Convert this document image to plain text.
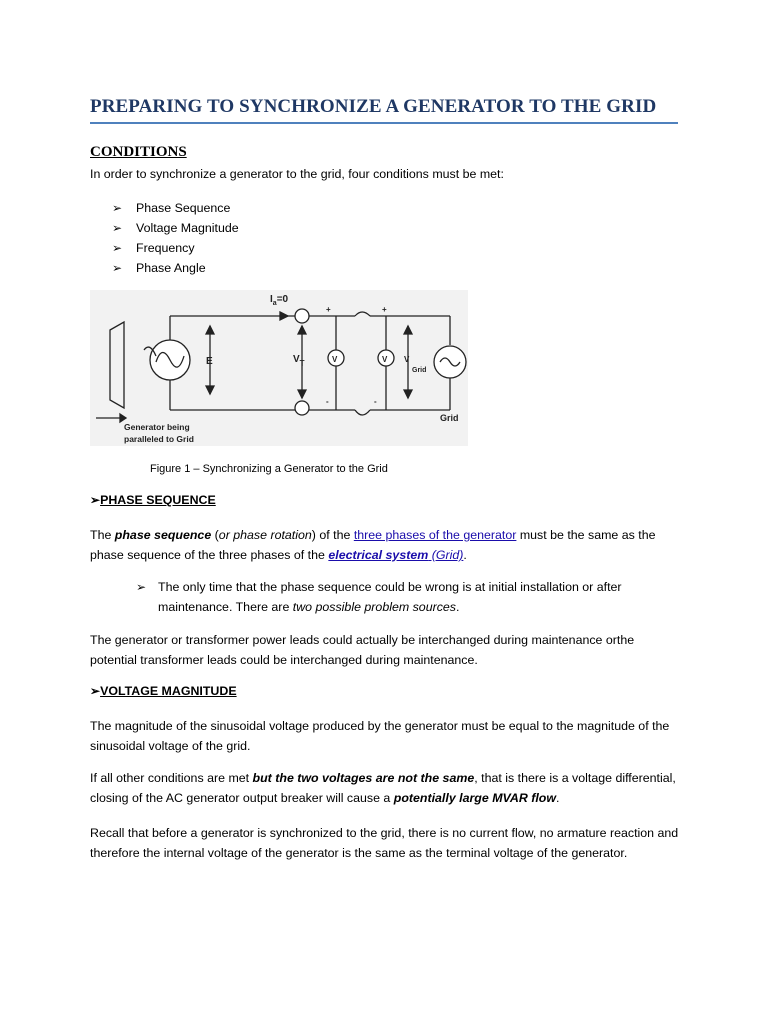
PREPARING TO SYNCHRONIZE A GENERATOR TO THE GRID
CONDITIONS
In order to synchronize a generator to the grid, four conditions must be met:
➢	Phase Sequence
➢	Voltage Magnitude
➢	Frequency
➢	Phase Angle
$I_a=0$
E	$V_T$	V	V VGrid
+	+
-	-
Grid
Generator being
paralleled to Grid
Figure 1 – Synchronizing a Generator to the Grid
➢PHASE SEQUENCE
The phase sequence (or phase rotation) of the three phases of the generator must be the same as the phase sequence of the three phases of the electrical system (Grid).
➢ The only time that the phase sequence could be wrong is at initial installation or after maintenance. There are two possible problem sources.
The generator or transformer power leads could actually be interchanged during maintenance orthe potential transformer leads could be interchanged during maintenance.
➢VOLTAGE MAGNITUDE
The magnitude of the sinusoidal voltage produced by the generator must be equal to the magnitude of the sinusoidal voltage of the grid.
If all other conditions are met but the two voltages are not the same, that is there is a voltage differential, closing of the AC generator output breaker will cause a potentially large MVAR flow.
Recall that before a generator is synchronized to the grid, there is no current flow, no armature reaction and therefore the internal voltage of the generator is the same as the terminal voltage of the generator.
